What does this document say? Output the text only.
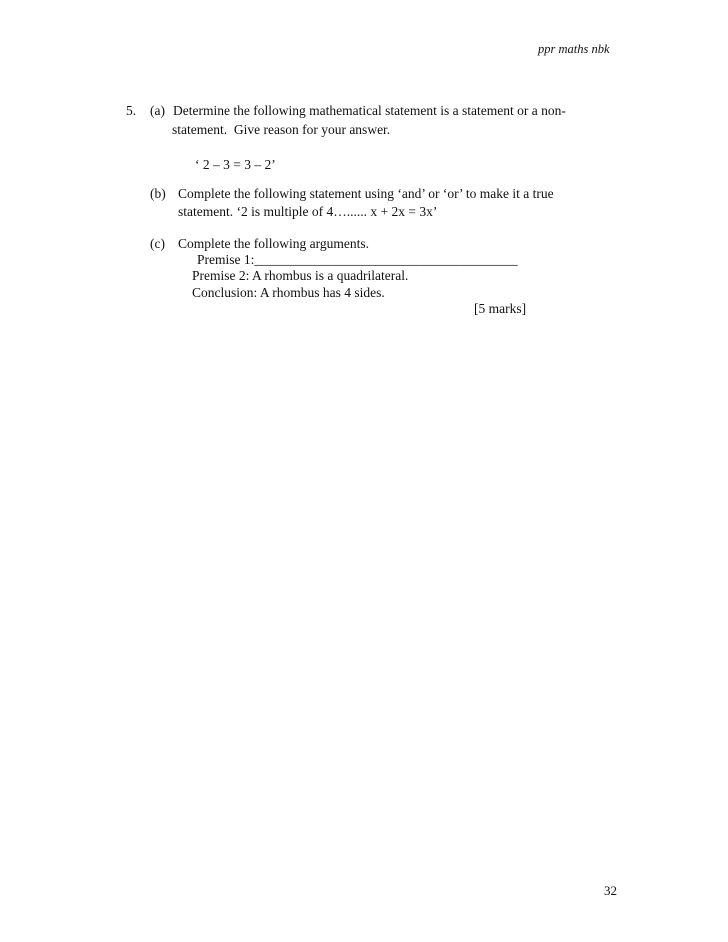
ppr maths nbk
5. (a) Determine the following mathematical statement is a statement or a non-
statement.  Give reason for your answer.
‘ 2 – 3 = 3 – 2’
(b) Complete the following statement using ‘and’ or ‘or’ to make it a true
statement. ‘2 is multiple of 4…...... x + 2x = 3x’
(c) Complete the following arguments.
Premise 1:_______________________________________
Premise 2: A rhombus is a quadrilateral.
Conclusion: A rhombus has 4 sides.
[5 marks]
32
